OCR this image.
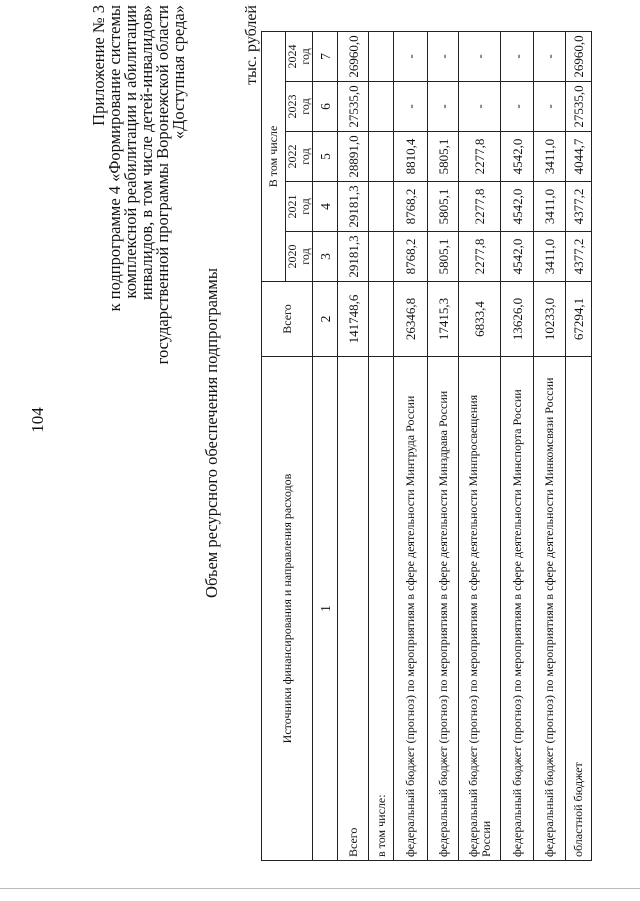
104
Приложение № 3
к подпрограмме 4 «Формирование системы
комплексной реабилитации и абилитации
инвалидов, в том числе детей-инвалидов»
государственной программы Воронежской области
«Доступная среда»
Объем ресурсного обеспечения подпрограммы
тыс. рублей
Источники финансирования и направления расходов	Всего	В том числе				
		2020 год	2021 год	2022 год	2023 год	2024 год
1	2	3	4	5	6	7
Всего	141748,6	29181,3	29181,3	28891,0	27535,0	26960,0
в том числе:						
федеральный бюджет (прогноз) по мероприятиям в сфере деятельности Минтруда России	26346,8	8768,2	8768,2	8810,4	-	-
федеральный бюджет (прогноз) по мероприятиям в сфере деятельности Минздрава России	17415,3	5805,1	5805,1	5805,1	-	-
федеральный бюджет (прогноз) по мероприятиям в сфере деятельности Минпросвещения России	6833,4	2277,8	2277,8	2277,8	-	-
федеральный бюджет (прогноз) по мероприятиям в сфере деятельности Минспорта России	13626,0	4542,0	4542,0	4542,0	-	-
федеральный бюджет (прогноз) по мероприятиям в сфере деятельности Минкомсвязи России	10233,0	3411,0	3411,0	3411,0	-	-
областной бюджет	67294,1	4377,2	4377,2	4044,7	27535,0	26960,0
